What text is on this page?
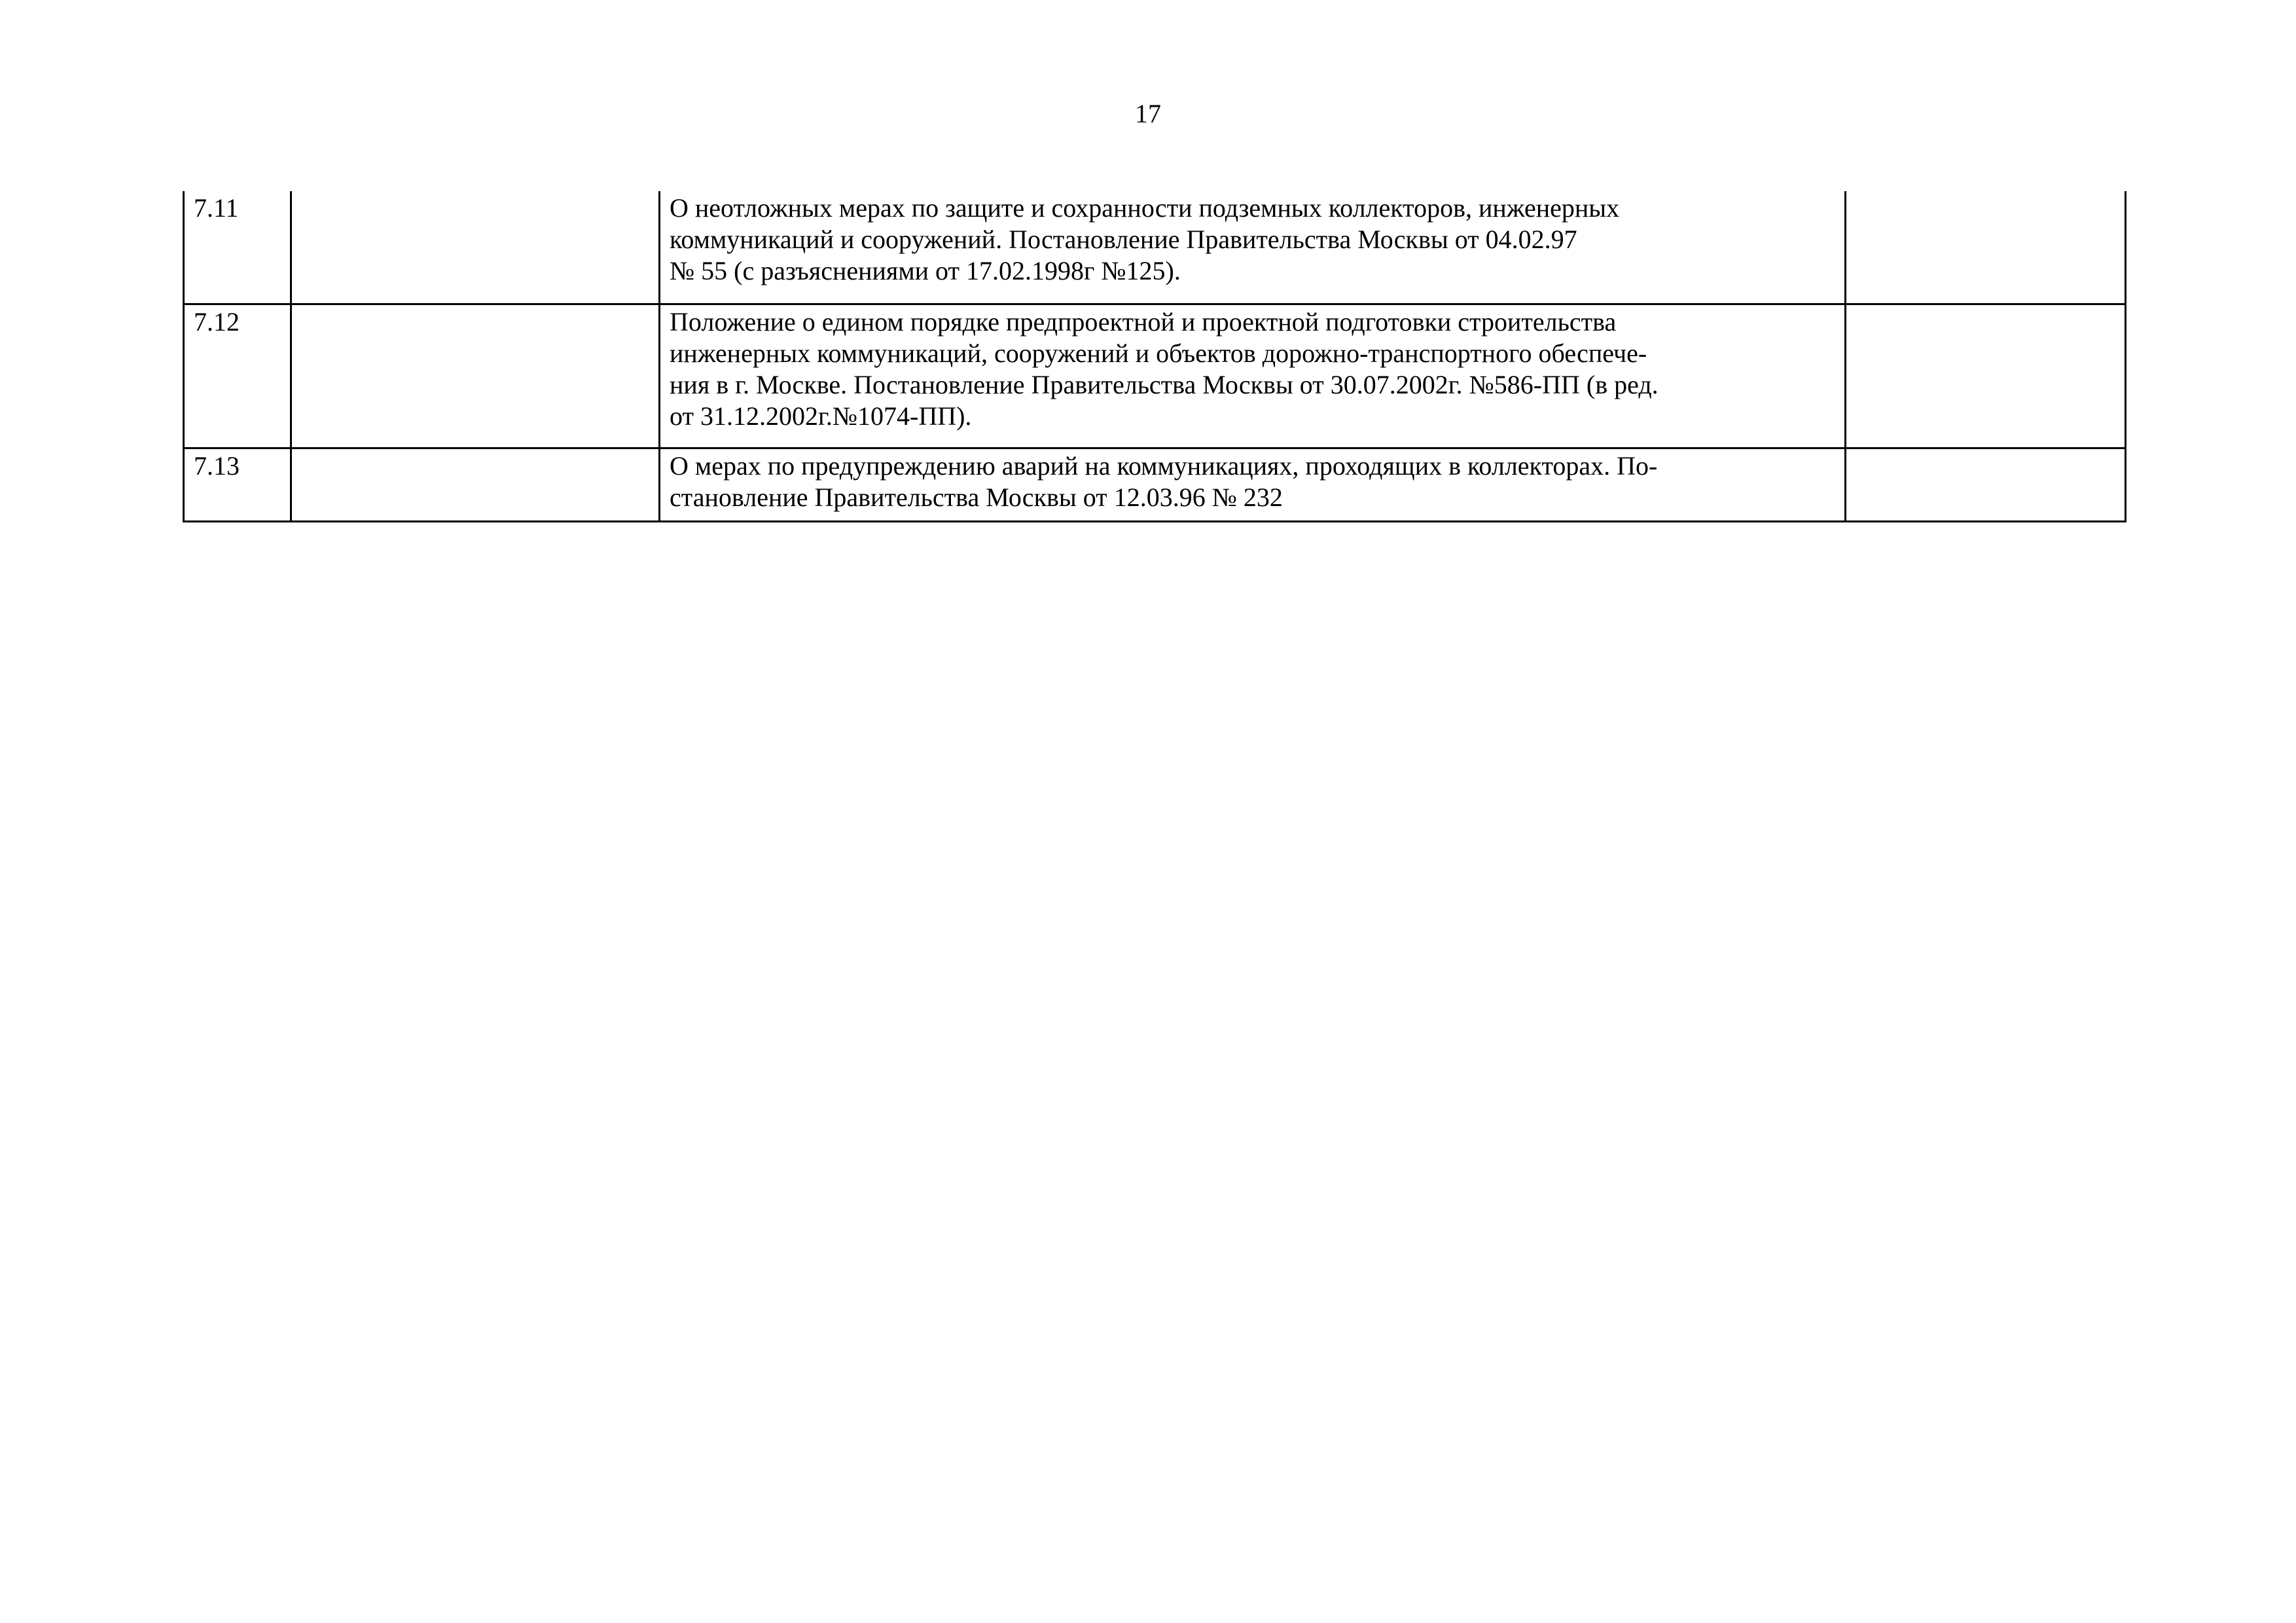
17
7.11		О неотложных мерах по защите и сохранности подземных коллекторов, инженерных
коммуникаций и сооружений. Постановление Правительства Москвы от 04.02.97
№ 55 (с разъяснениями от 17.02.1998г №125).	
7.12		Положение о едином порядке предпроектной и проектной подготовки строительства
инженерных коммуникаций, сооружений и объектов дорожно-транспортного обеспече-
ния в г. Москве. Постановление Правительства Москвы от 30.07.2002г. №586-ПП (в ред.
от 31.12.2002г.№1074-ПП).	
7.13		О мерах по предупреждению аварий на коммуникациях, проходящих в коллекторах. По-
становление Правительства Москвы от 12.03.96 № 232	
